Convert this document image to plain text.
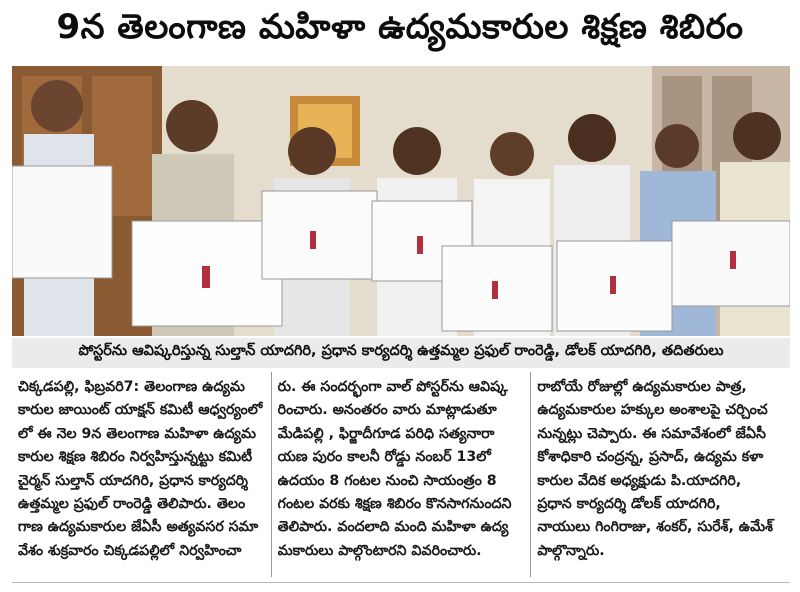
9న తెలంగాణ మహిళా ఉద్యమకారుల శిక్షణ శిబిరం
పోస్టర్‌ను ఆవిష్కరిస్తున్న సుల్తాన్ యాదగిరి, ప్రధాన కార్యదర్శి ఉత్తమ్మల ప్రఫుల్ రాంరెడ్డి, డోలక్ యాదగిరి, తదితరులు
చిక్కడపల్లి, ఫిబ్రవరి7: తెలంగాణ ఉద్యమ
కారుల జాయింట్ యాక్షన్ కమిటీ ఆధ్వర్యంలో
లో ఈ నెల 9న తెలంగాణ మహిళా ఉద్యమ
కారుల శిక్షణ శిబిరం నిర్వహిస్తున్నట్టు కమిటీ
చైర్మన్ సుల్తాన్ యాదగిరి, ప్రధాన కార్యదర్శి
ఉత్తమ్మల ప్రఫుల్ రాంరెడ్డి తెలిపారు. తెలం
గాణ ఉద్యమకారుల జేఏసీ అత్యవసర సమా
వేశం శుక్రవారం చిక్కడపల్లిలో నిర్వహించా
రు. ఈ సందర్భంగా వాల్ పోస్టర్‌ను ఆవిష్క
రించారు. అనంతరం వారు మాట్లాడుతూ
మేడిపల్లి , ఫిర్జాదీగూడ పరిధి సత్యనారా
యణ పురం కాలనీ రోడ్డు నంబర్ 13లో
ఉదయం 8 గంటల నుంచి సాయంత్రం 8
గంటల వరకు శిక్షణ శిబిరం కొనసాగనుందని
తెలిపారు. వందలాది మంది మహిళా ఉద్య
మకారులు పాల్గొంటారని వివరించారు.
రాబోయే రోజుల్లో ఉద్యమకారుల పాత్ర,
ఉద్యమకారుల హక్కుల అంశాలపై చర్చించ
నున్నట్లు చెప్పారు. ఈ సమావేశంలో జేఏసీ
కోశాధికారి చంద్రన్న, ప్రసాద్, ఉద్యమ కళా
కారుల వేదిక అధ్యక్షుడు పి.యాదగిరి,
ప్రధాన కార్యదర్శి డోలక్ యాదగిరి,
నాయులు గింగిరాజు, శంకర్, సురేశ్, ఉమేశ్
పాల్గొన్నారు.
